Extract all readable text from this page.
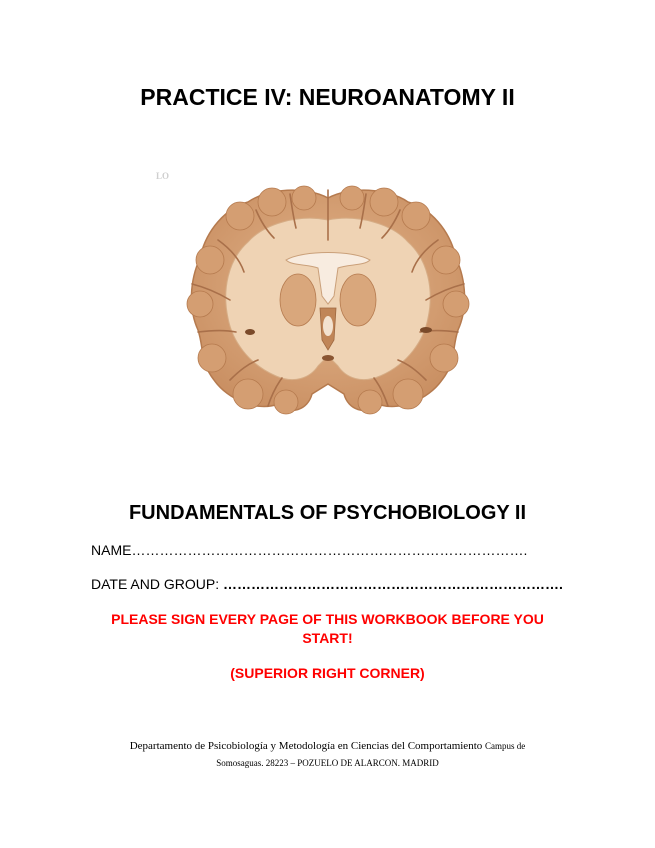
PRACTICE IV: NEUROANATOMY II
LO
FUNDAMENTALS OF PSYCHOBIOLOGY II
NAME………………………………………………………………………….
DATE AND GROUP: ……………………………………………………………….
PLEASE SIGN EVERY PAGE OF THIS WORKBOOK BEFORE YOU START!
(SUPERIOR RIGHT CORNER)
Departamento de Psicobiología y Metodología en Ciencias del Comportamiento Campus de
Somosaguas. 28223 – POZUELO DE ALARCON. MADRID
